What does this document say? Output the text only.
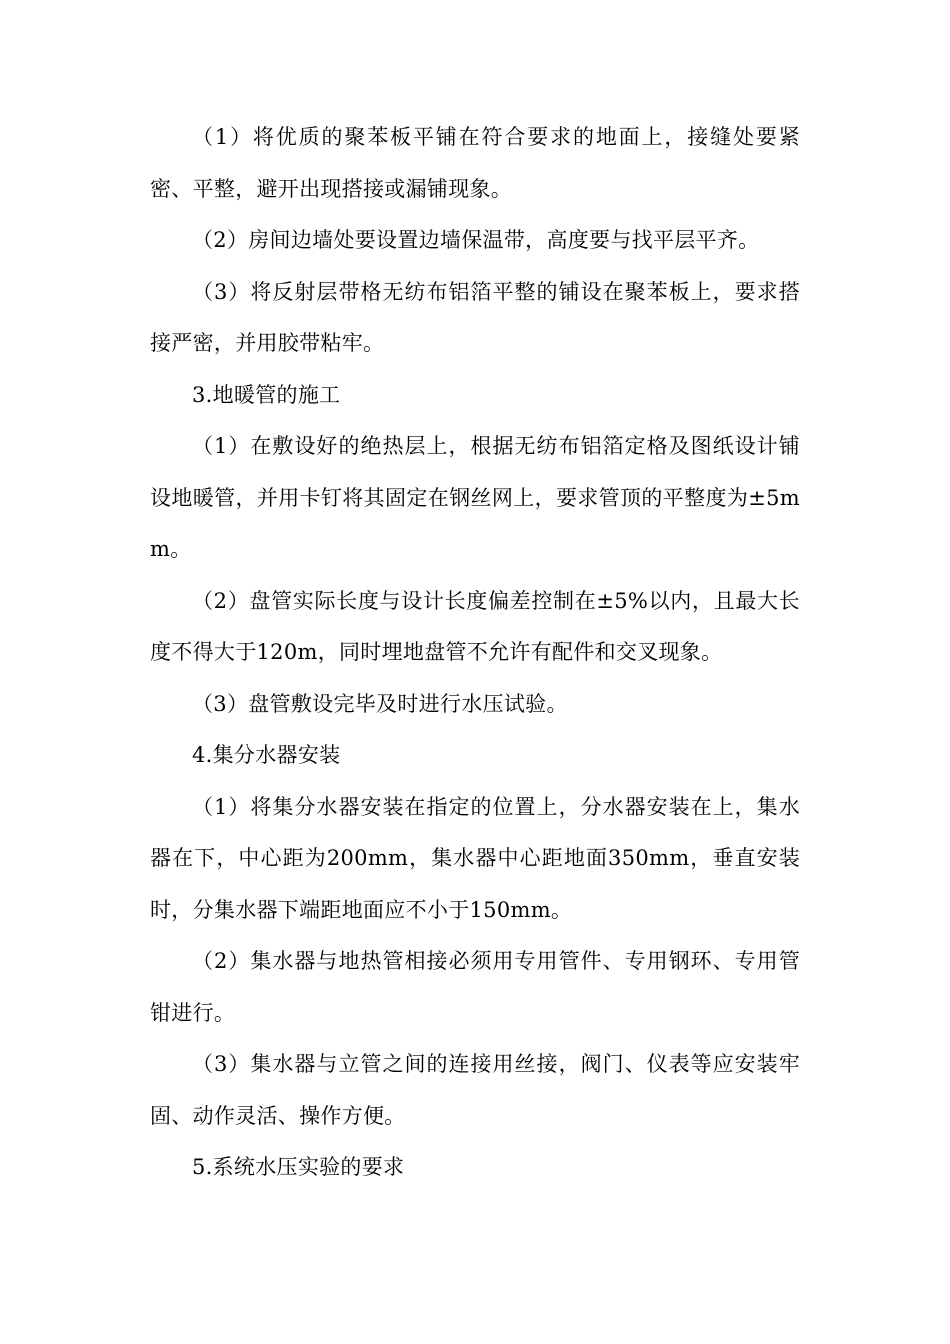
（1）将优质的聚苯板平铺在符合要求的地面上，接缝处要紧密、平整，避开出现搭接或漏铺现象。

（2）房间边墙处要设置边墙保温带，高度要与找平层平齐。

（3）将反射层带格无纺布铝箔平整的铺设在聚苯板上，要求搭接严密，并用胶带粘牢。

3.地暖管的施工

（1）在敷设好的绝热层上，根据无纺布铝箔定格及图纸设计铺设地暖管，并用卡钉将其固定在钢丝网上，要求管顶的平整度为±5mm。

（2）盘管实际长度与设计长度偏差控制在±5%以内，且最大长度不得大于120m，同时埋地盘管不允许有配件和交叉现象。

（3）盘管敷设完毕及时进行水压试验。

4.集分水器安装

（1）将集分水器安装在指定的位置上，分水器安装在上，集水器在下，中心距为200mm，集水器中心距地面350mm，垂直安装时，分集水器下端距地面应不小于150mm。

（2）集水器与地热管相接必须用专用管件、专用钢环、专用管钳进行。

（3）集水器与立管之间的连接用丝接，阀门、仪表等应安装牢固、动作灵活、操作方便。

5.系统水压实验的要求
